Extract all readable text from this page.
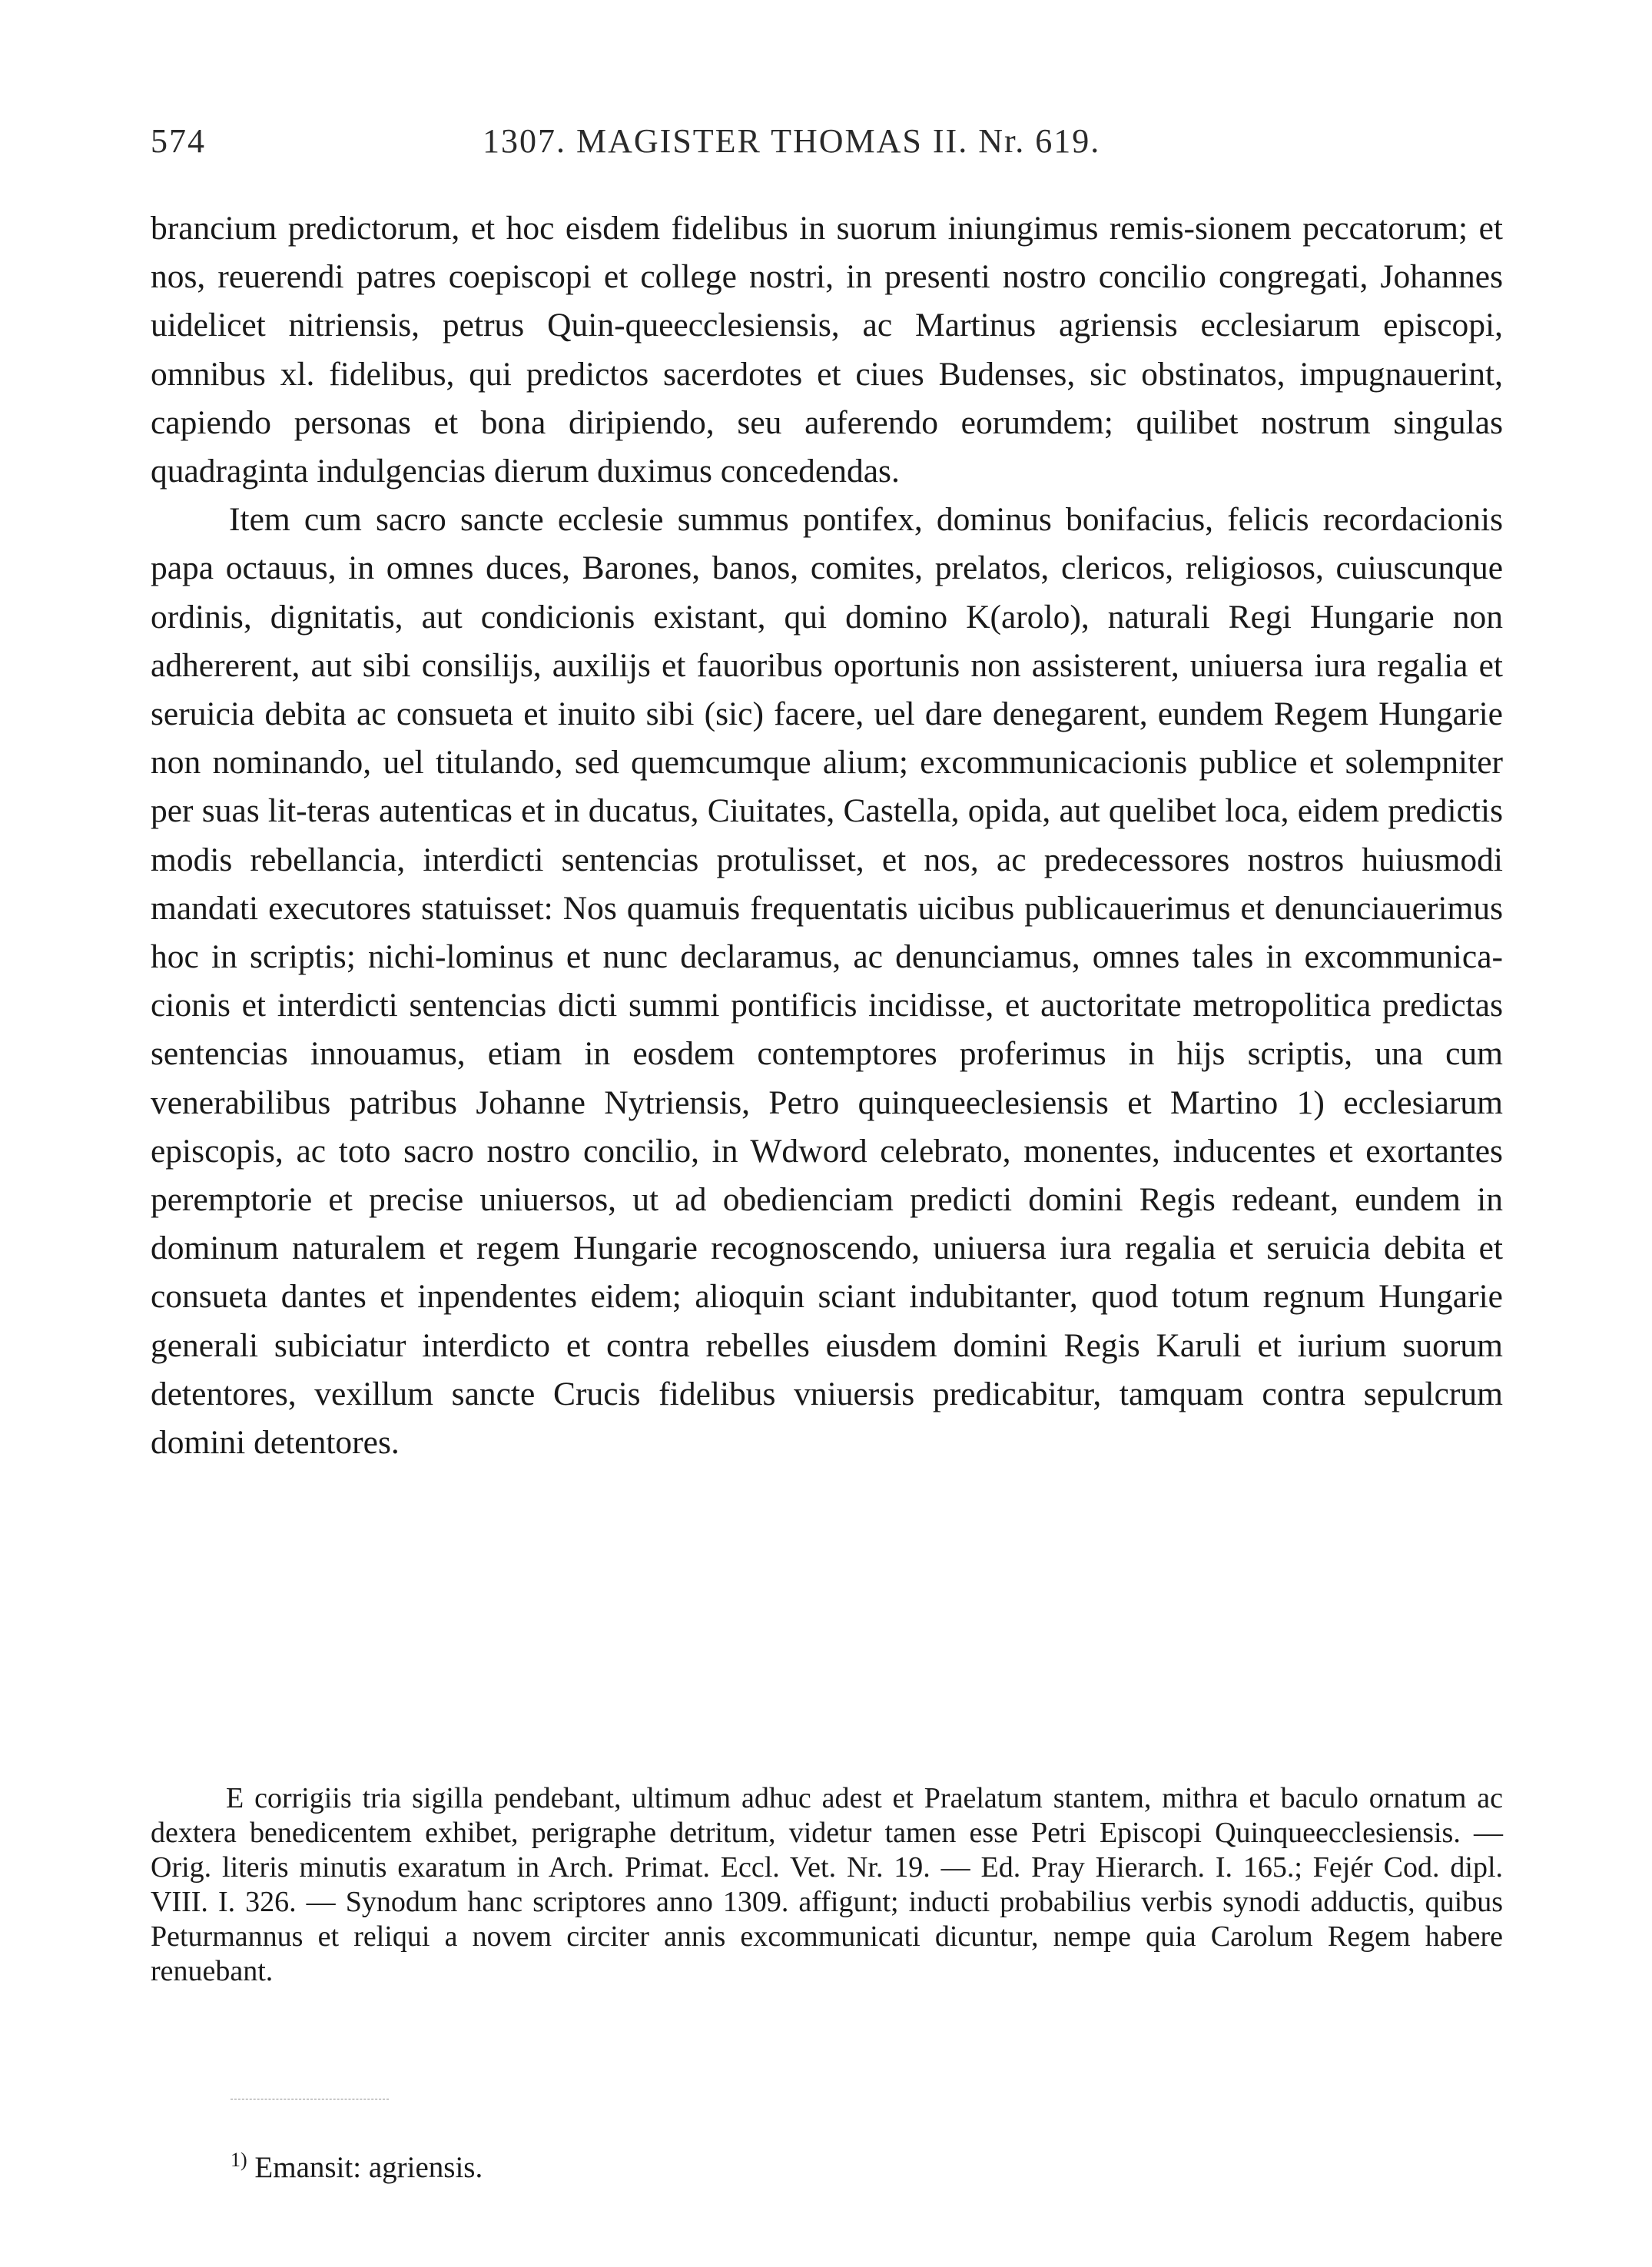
574	1307. MAGISTER THOMAS II. Nr. 619.

brancium predictorum, et hoc eisdem fidelibus in suorum iniungimus remis-sionem peccatorum; et nos, reuerendi patres coepiscopi et college nostri, in presenti nostro concilio congregati, Johannes uidelicet nitriensis, petrus Quin-queecclesiensis, ac Martinus agriensis ecclesiarum episcopi, omnibus xl. fidelibus, qui predictos sacerdotes et ciues Budenses, sic obstinatos, impugnauerint, capiendo personas et bona diripiendo, seu auferendo eorumdem; quilibet nostrum singulas quadraginta indulgencias dierum duximus concedendas.

Item cum sacro sancte ecclesie summus pontifex, dominus bonifacius, felicis recordacionis papa octauus, in omnes duces, Barones, banos, comites, prelatos, clericos, religiosos, cuiuscunque ordinis, dignitatis, aut condicionis existant, qui domino K(arolo), naturali Regi Hungarie non adhererent, aut sibi consilijs, auxilijs et fauoribus oportunis non assisterent, uniuersa iura regalia et seruicia debita ac consueta et inuito sibi (sic) facere, uel dare denegarent, eundem Regem Hungarie non nominando, uel titulando, sed quemcumque alium; excommunicacionis publice et solempniter per suas lit-teras autenticas et in ducatus, Ciuitates, Castella, opida, aut quelibet loca, eidem predictis modis rebellancia, interdicti sentencias protulisset, et nos, ac predecessores nostros huiusmodi mandati executores statuisset: Nos quamuis frequentatis uicibus publicauerimus et denunciauerimus hoc in scriptis; nichi-lominus et nunc declaramus, ac denunciamus, omnes tales in excommunica-cionis et interdicti sentencias dicti summi pontificis incidisse, et auctoritate metropolitica predictas sentencias innouamus, etiam in eosdem contemptores proferimus in hijs scriptis, una cum venerabilibus patribus Johanne Nytriensis, Petro quinqueeclesiensis et Martino 1) ecclesiarum episcopis, ac toto sacro nostro concilio, in Wdword celebrato, monentes, inducentes et exortantes peremptorie et precise uniuersos, ut ad obedienciam predicti domini Regis redeant, eundem in dominum naturalem et regem Hungarie recognoscendo, uniuersa iura regalia et seruicia debita et consueta dantes et inpendentes eidem; alioquin sciant indubitanter, quod totum regnum Hungarie generali subiciatur interdicto et contra rebelles eiusdem domini Regis Karuli et iurium suorum detentores, vexillum sancte Crucis fidelibus vniuersis predicabitur, tamquam contra sepulcrum domini detentores.

E corrigiis tria sigilla pendebant, ultimum adhuc adest et Praelatum stantem, mithra et baculo ornatum ac dextera benedicentem exhibet, perigraphe detritum, videtur tamen esse Petri Episcopi Quinqueecclesiensis. — Orig. literis minutis exaratum in Arch. Primat. Eccl. Vet. Nr. 19. — Ed. Pray Hierarch. I. 165.; Fejér Cod. dipl. VIII. I. 326. — Synodum hanc scriptores anno 1309. affigunt; inducti probabilius verbis synodi adductis, quibus Peturmannus et reliqui a novem circiter annis excommunicati dicuntur, nempe quia Carolum Regem habere renuebant.

$^{1)}$ Emansit: agriensis.
